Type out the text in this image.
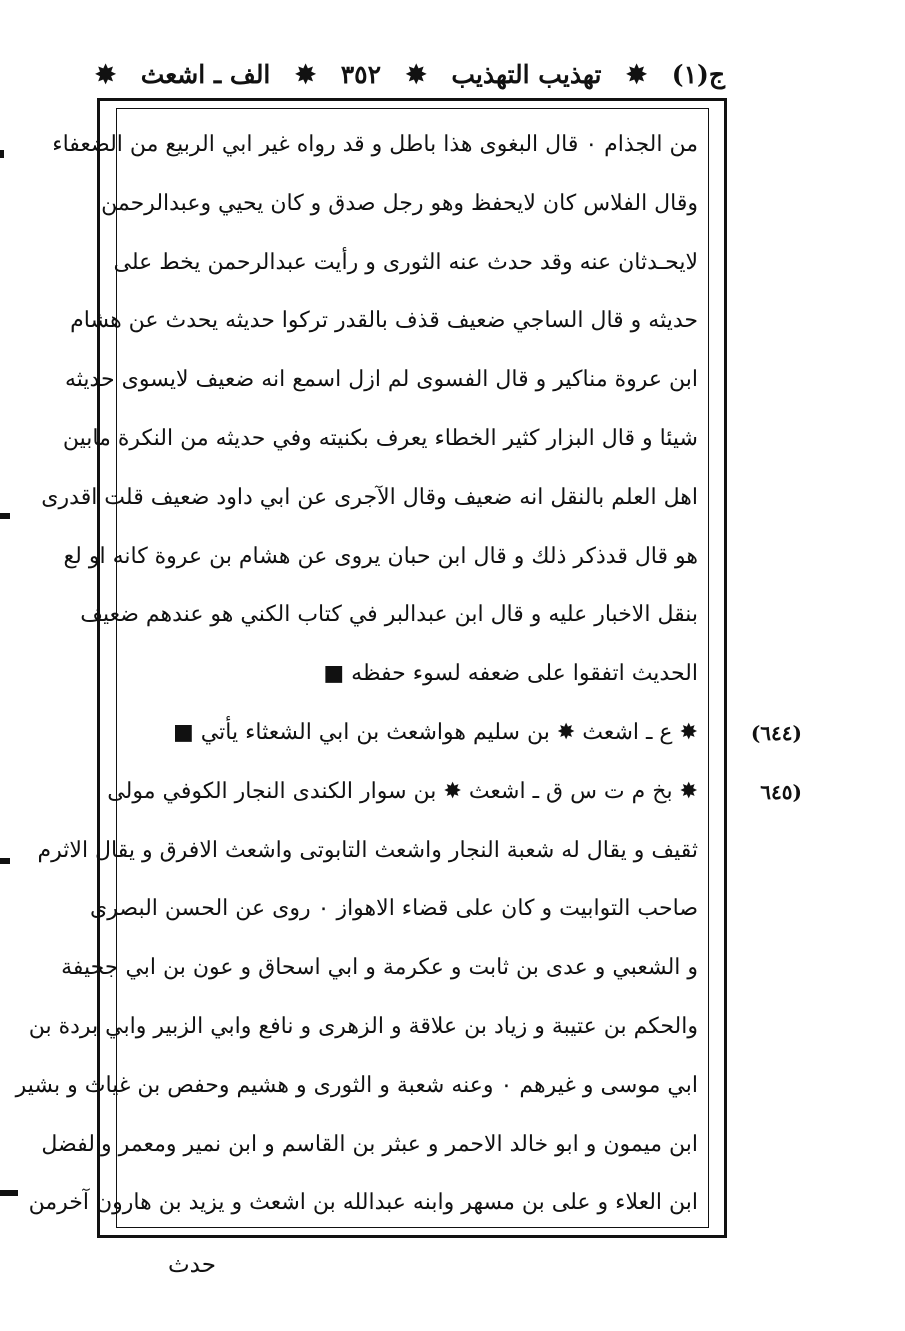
ج(۱)
✸
تهذيب التهذيب
✸
٣٥٢
✸
الف ـ اشعث
✸
من الجذام ٠ قال البغوى هذا باطل و قد رواه غير ابي الربيع من الضعفاء
وقال الفلاس كان لايحفظ وهو رجل صدق و كان يحيي وعبدالرحمن
لايحـدثان عنه وقد حدث عنه الثورى و رأيت عبدالرحمن يخط على
حديثه و قال الساجي ضعيف قذف بالقدر تركوا حديثه يحدث عن هشام
ابن عروة مناكير و قال الفسوى لم ازل اسمع انه ضعيف لايسوى حديثه
شيئا و قال البزار كثير الخطاء يعرف بكنيته وفي حديثه من النكرة مابين
اهل العلم بالنقل انه ضعيف وقال الآجرى عن ابي داود ضعيف قلت اقدرى
هو قال قدذكر ذلك و قال ابن حبان يروى عن هشام بن عروة كانه او لع
بنقل الاخبار عليه و قال ابن عبدالبر في كتاب الكني هو عندهم ضعيف
الحديث اتفقوا على ضعفه لسوء حفظه ■
✸ ع ـ اشعث ✸ بن سليم هواشعث بن ابي الشعثاء يأتي ■
✸ بخ م ت س ق ـ اشعث ✸ بن سوار الكندى النجار الكوفي مولى
ثقيف و يقال له شعبة النجار واشعث التابوتى واشعث الافرق و يقال الاثرم
صاحب التوابيت و كان على قضاء الاهواز ٠ روى عن الحسن البصرى
و الشعبي و عدى بن ثابت و عكرمة و ابي اسحاق و عون بن ابي جحيفة
والحكم بن عتيبة و زياد بن علاقة و الزهرى و نافع وابي الزبير وابي بردة بن
ابي موسى و غيرهم ٠ وعنه شعبة و الثورى و هشيم وحفص بن غياث و بشير
ابن ميمون و ابو خالد الاحمر و عبثر بن القاسم و ابن نمير ومعمر والفضل
ابن العلاء و على بن مسهر وابنه عبدالله بن اشعث و يزيد بن هارون آخرمن
(٦٤٤)
(٦٤٥
حدث
